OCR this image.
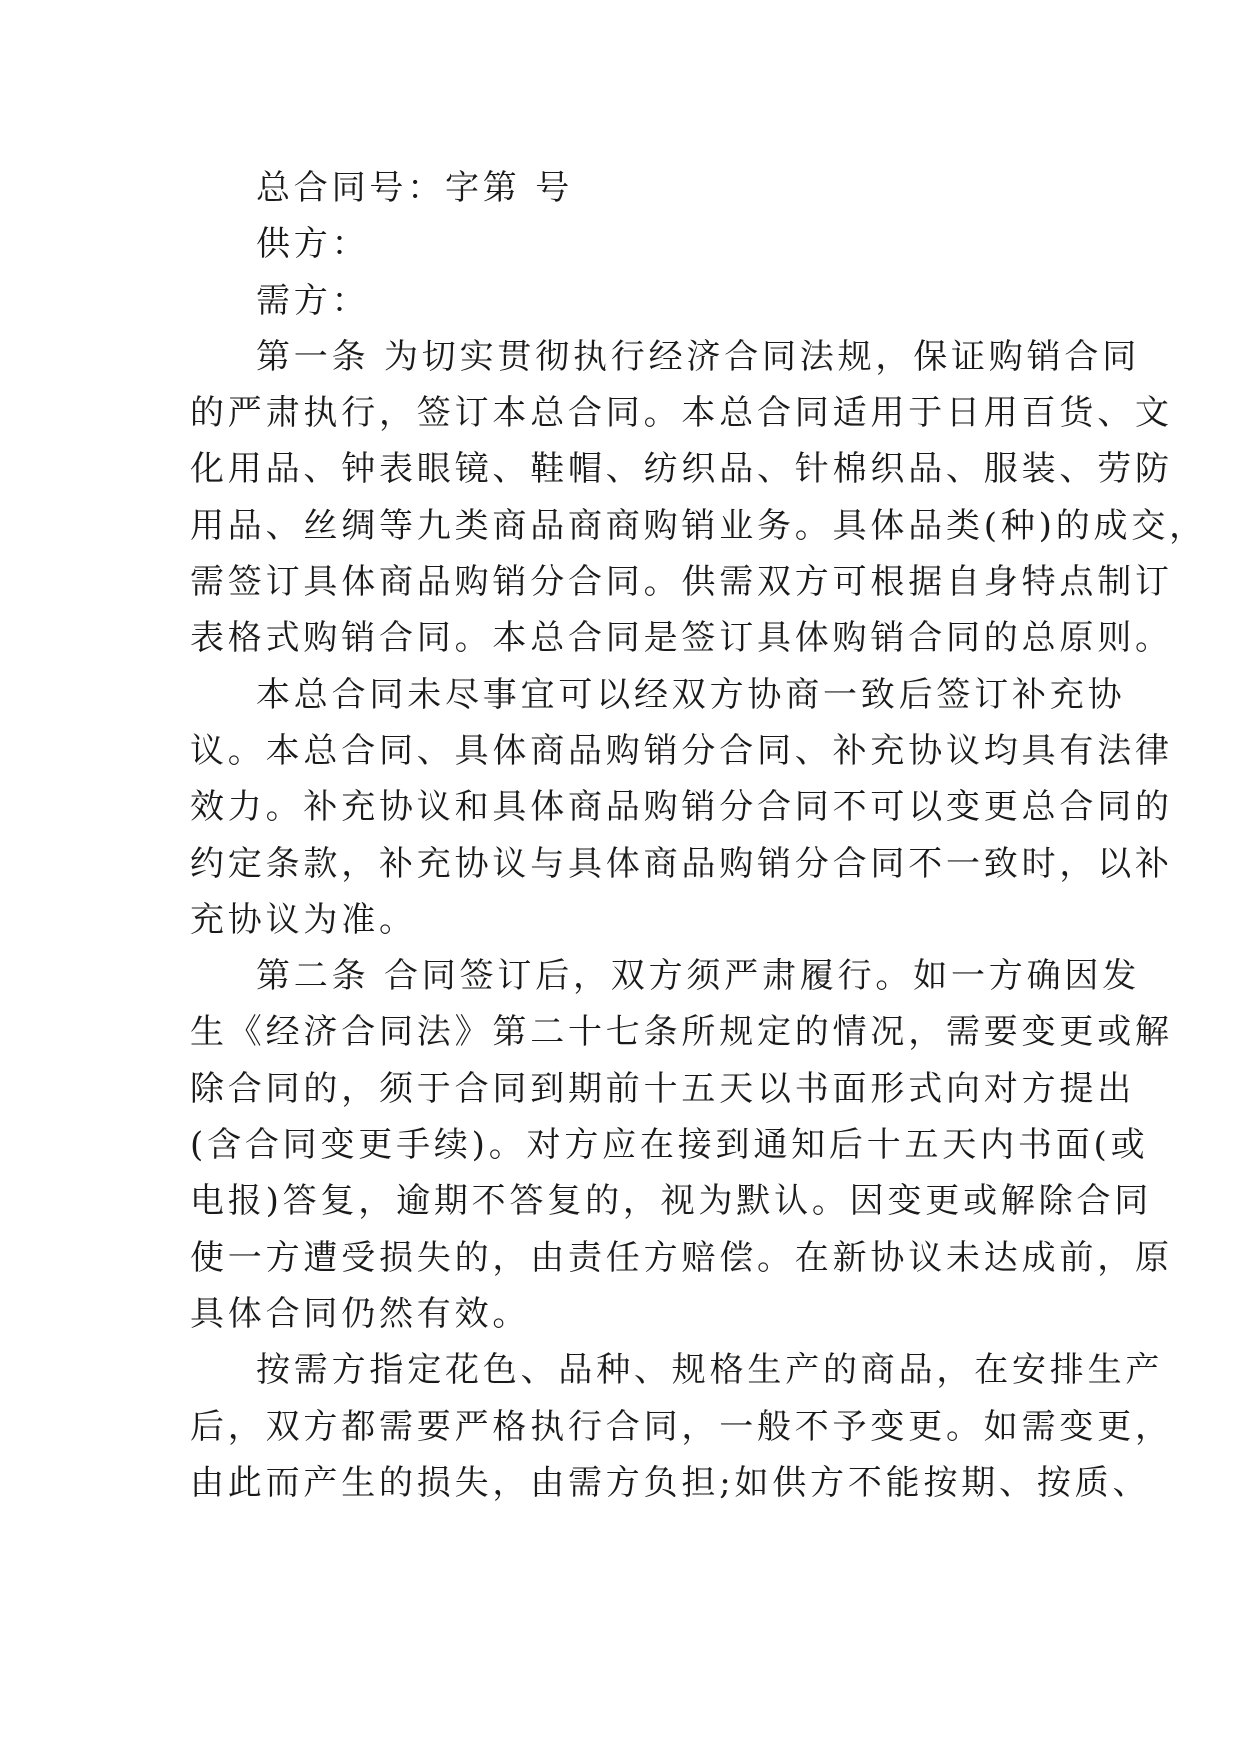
总合同号：字第 号

供方：

需方：

第一条 为切实贯彻执行经济合同法规，保证购销合同

的严肃执行，签订本总合同。本总合同适用于日用百货、文

化用品、钟表眼镜、鞋帽、纺织品、针棉织品、服装、劳防

用品、丝绸等九类商品商商购销业务。具体品类(种)的成交，

需签订具体商品购销分合同。供需双方可根据自身特点制订

表格式购销合同。本总合同是签订具体购销合同的总原则。

本总合同未尽事宜可以经双方协商一致后签订补充协

议。本总合同、具体商品购销分合同、补充协议均具有法律

效力。补充协议和具体商品购销分合同不可以变更总合同的

约定条款，补充协议与具体商品购销分合同不一致时，以补

充协议为准。

第二条 合同签订后，双方须严肃履行。如一方确因发

生《经济合同法》第二十七条所规定的情况，需要变更或解

除合同的，须于合同到期前十五天以书面形式向对方提出

(含合同变更手续)。对方应在接到通知后十五天内书面(或

电报)答复，逾期不答复的，视为默认。因变更或解除合同

使一方遭受损失的，由责任方赔偿。在新协议未达成前，原

具体合同仍然有效。

按需方指定花色、品种、规格生产的商品，在安排生产

后，双方都需要严格执行合同，一般不予变更。如需变更，

由此而产生的损失，由需方负担;如供方不能按期、按质、
